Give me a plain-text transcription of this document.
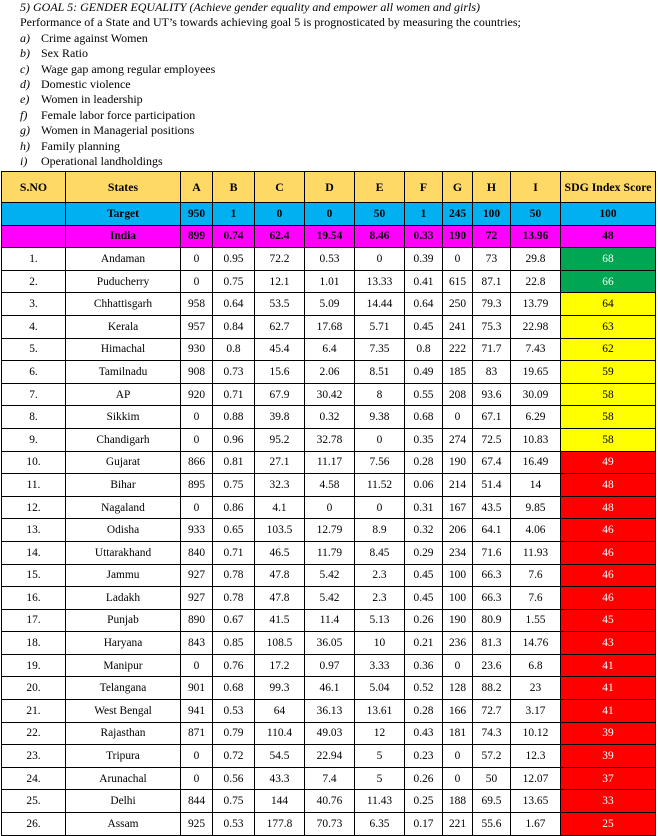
5) GOAL 5: GENDER EQUALITY (Achieve gender equality and empower all women and girls)
Performance of a State and UT’s towards achieving goal 5 is prognosticated by measuring the countries;
a) Crime against Women
b) Sex Ratio
c) Wage gap among regular employees
d) Domestic violence
e) Women in leadership
f)	Female labor force participation
g) Women in Managerial positions
h) Family planning
i)	Operational landholdings
S.NO	States	A	B	C	D	E	F	G	H	I	SDG Index Score
	Target	950	1	0	0	50	1	245	100	50	100
	India	899	0.74	62.4	19.54	8.46	0.33	190	72	13.96	48
1.	Andaman	0	0.95	72.2	0.53	0	0.39	0	73	29.8	68
2.	Puducherry	0	0.75	12.1	1.01	13.33	0.41	615	87.1	22.8	66
3.	Chhattisgarh	958	0.64	53.5	5.09	14.44	0.64	250	79.3	13.79	64
4.	Kerala	957	0.84	62.7	17.68	5.71	0.45	241	75.3	22.98	63
5.	Himachal	930	0.8	45.4	6.4	7.35	0.8	222	71.7	7.43	62
6.	Tamilnadu	908	0.73	15.6	2.06	8.51	0.49	185	83	19.65	59
7.	AP	920	0.71	67.9	30.42	8	0.55	208	93.6	30.09	58
8.	Sikkim	0	0.88	39.8	0.32	9.38	0.68	0	67.1	6.29	58
9.	Chandigarh	0	0.96	95.2	32.78	0	0.35	274	72.5	10.83	58
10.	Gujarat	866	0.81	27.1	11.17	7.56	0.28	190	67.4	16.49	49
11.	Bihar	895	0.75	32.3	4.58	11.52	0.06	214	51.4	14	48
12.	Nagaland	0	0.86	4.1	0	0	0.31	167	43.5	9.85	48
13.	Odisha	933	0.65	103.5	12.79	8.9	0.32	206	64.1	4.06	46
14.	Uttarakhand	840	0.71	46.5	11.79	8.45	0.29	234	71.6	11.93	46
15.	Jammu	927	0.78	47.8	5.42	2.3	0.45	100	66.3	7.6	46
16.	Ladakh	927	0.78	47.8	5.42	2.3	0.45	100	66.3	7.6	46
17.	Punjab	890	0.67	41.5	11.4	5.13	0.26	190	80.9	1.55	45
18.	Haryana	843	0.85	108.5	36.05	10	0.21	236	81.3	14.76	43
19.	Manipur	0	0.76	17.2	0.97	3.33	0.36	0	23.6	6.8	41
20.	Telangana	901	0.68	99.3	46.1	5.04	0.52	128	88.2	23	41
21.	West Bengal	941	0.53	64	36.13	13.61	0.28	166	72.7	3.17	41
22.	Rajasthan	871	0.79	110.4	49.03	12	0.43	181	74.3	10.12	39
23.	Tripura	0	0.72	54.5	22.94	5	0.23	0	57.2	12.3	39
24.	Arunachal	0	0.56	43.3	7.4	5	0.26	0	50	12.07	37
25.	Delhi	844	0.75	144	40.76	11.43	0.25	188	69.5	13.65	33
26.	Assam	925	0.53	177.8	70.73	6.35	0.17	221	55.6	1.67	25
